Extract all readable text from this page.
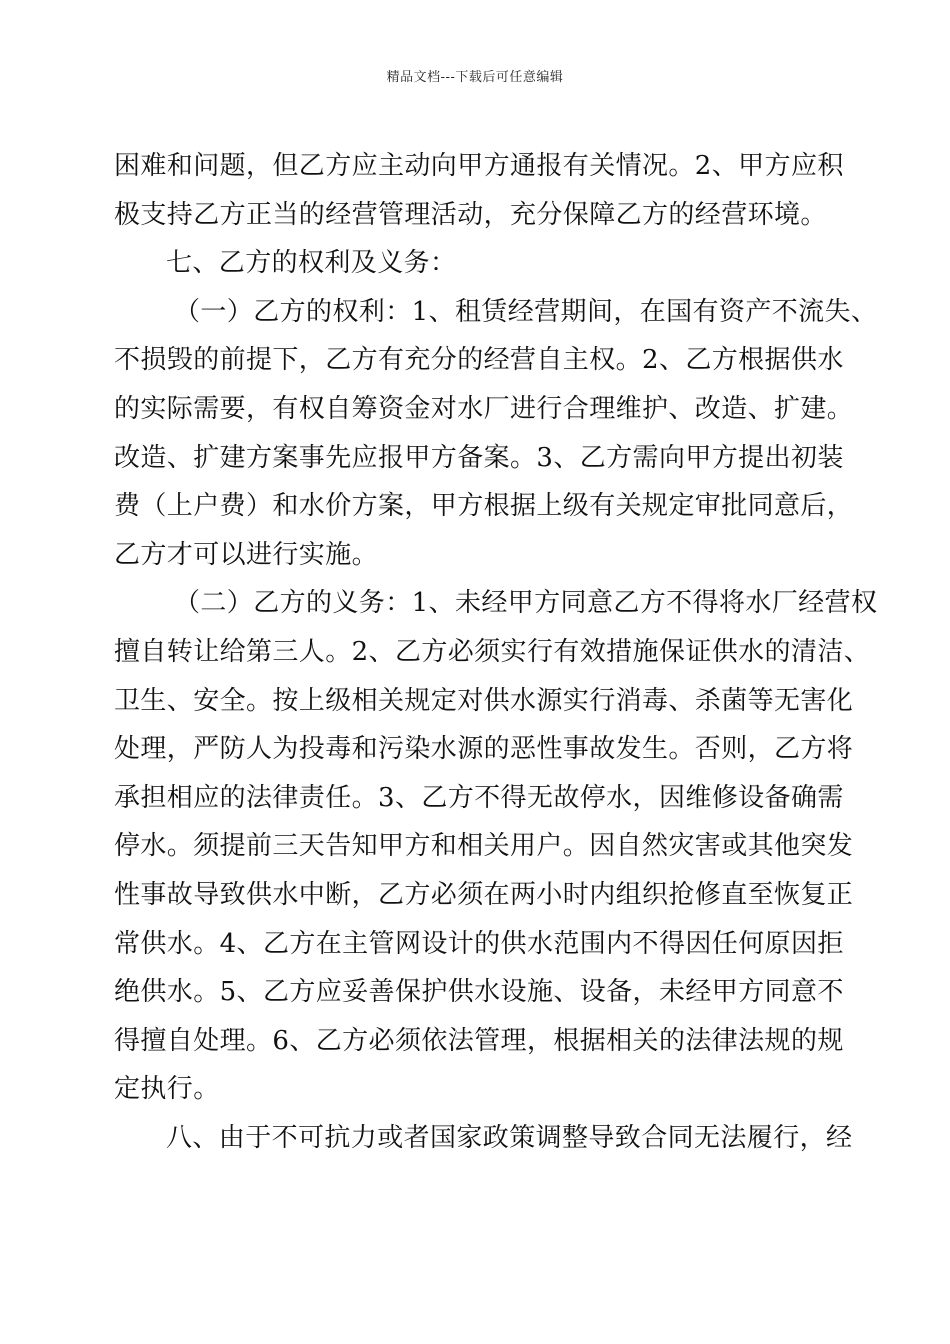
精品文档---下载后可任意编辑
困难和问题，但乙方应主动向甲方通报有关情况。2、甲方应积
极支持乙方正当的经营管理活动，充分保障乙方的经营环境。
七、乙方的权利及义务：
（一）乙方的权利：1、租赁经营期间，在国有资产不流失、
不损毁的前提下，乙方有充分的经营自主权。2、乙方根据供水
的实际需要，有权自筹资金对水厂进行合理维护、改造、扩建。
改造、扩建方案事先应报甲方备案。3、乙方需向甲方提出初装
费（上户费）和水价方案，甲方根据上级有关规定审批同意后，
乙方才可以进行实施。
（二）乙方的义务：1、未经甲方同意乙方不得将水厂经营权
擅自转让给第三人。2、乙方必须实行有效措施保证供水的清洁、
卫生、安全。按上级相关规定对供水源实行消毒、杀菌等无害化
处理，严防人为投毒和污染水源的恶性事故发生。否则，乙方将
承担相应的法律责任。3、乙方不得无故停水，因维修设备确需
停水。须提前三天告知甲方和相关用户。因自然灾害或其他突发
性事故导致供水中断，乙方必须在两小时内组织抢修直至恢复正
常供水。4、乙方在主管网设计的供水范围内不得因任何原因拒
绝供水。5、乙方应妥善保护供水设施、设备，未经甲方同意不
得擅自处理。6、乙方必须依法管理，根据相关的法律法规的规
定执行。
八、由于不可抗力或者国家政策调整导致合同无法履行，经
